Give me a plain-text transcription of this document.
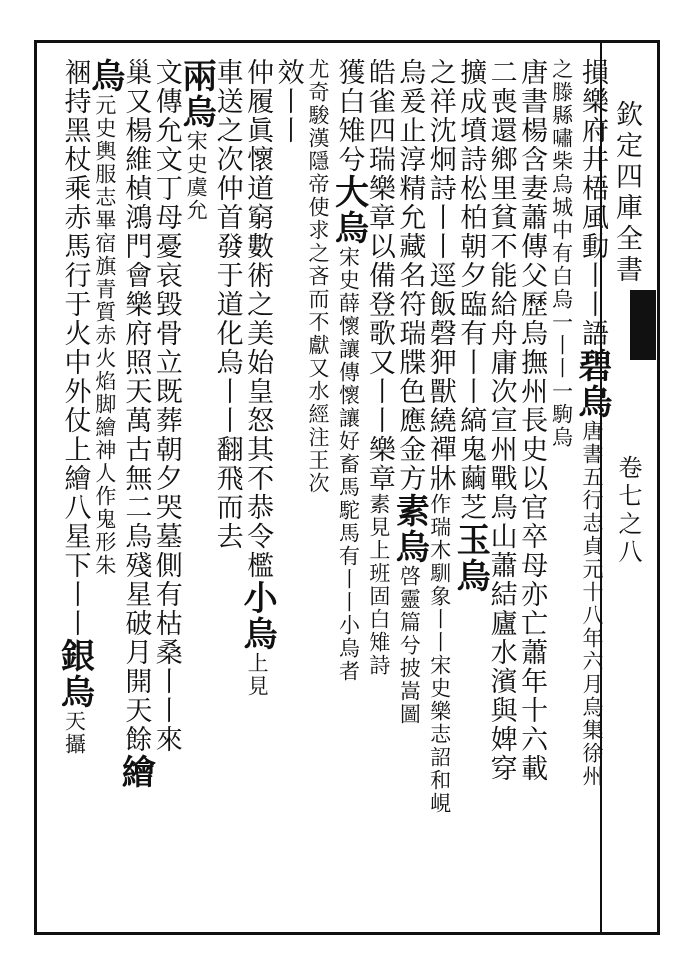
欽定四庫全書
卷七之八
損樂府井梧風動丨丨語碧烏唐書五行志貞元十八年六月烏集徐州
之滕縣嘯柴烏城中有白烏一丨丨一駒烏
唐書楊含妻蕭傳父歷烏撫州長史以官卒母亦亡蕭年十六載
二喪還鄉里貧不能給舟庸次宣州戰鳥山蕭結廬水濱與婢穿
擴成墳詩松柏朝夕臨有丨丨縞鬼繭芝玉烏
之祥沈炯詩丨丨逕飯磬狎獸繞禪牀作瑞木馴象丨丨宋史樂志詔和峴
烏爰止淳精允藏名符瑞牒色應金方素烏啓靈篇兮披嵩圖
皓雀四瑞樂章以備登歌又丨丨樂章素見上班固白雉詩
獲白雉兮大烏宋史薛懷讓傳懷讓好畜馬駝馬有丨丨小烏者
尤奇駿漢隱帝使求之吝而不獻又水經注王次
效丨丨
仲履眞懷道窮數術之美始皇怒其不恭令檻小烏上見
車送之次仲首發于道化烏丨丨翻飛而去
兩烏宋史虞允
文傳允文丁母憂哀毀骨立既葬朝夕哭墓側有枯桑丨丨來
巢又楊維楨鴻門會樂府照天萬古無二烏殘星破月開天餘繪
烏元史輿服志畢宿旗青質赤火焰脚繪神人作鬼形朱
裍持黑杖乘赤馬行于火中外仗上繪八星下丨丨銀烏天攝
